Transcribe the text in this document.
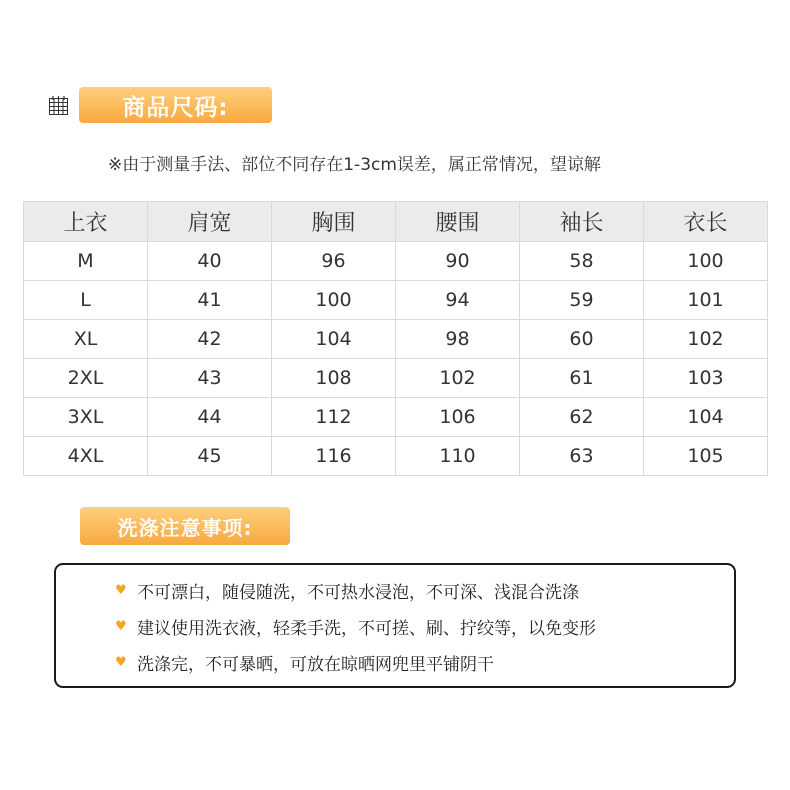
商品尺码:
※由于测量手法、部位不同存在1-3cm误差，属正常情况，望谅解
上衣	肩宽	胸围	腰围	袖长	衣长
M	40	96	90	58	100
L	41	100	94	59	101
XL	42	104	98	60	102
2XL	43	108	102	61	103
3XL	44	112	106	62	104
4XL	45	116	110	63	105
洗涤注意事项:
♥ 不可漂白，随侵随洗，不可热水浸泡，不可深、浅混合洗涤
♥ 建议使用洗衣液，轻柔手洗，不可搓、刷、拧绞等，以免变形
♥ 洗涤完，不可暴晒，可放在晾晒网兜里平铺阴干
